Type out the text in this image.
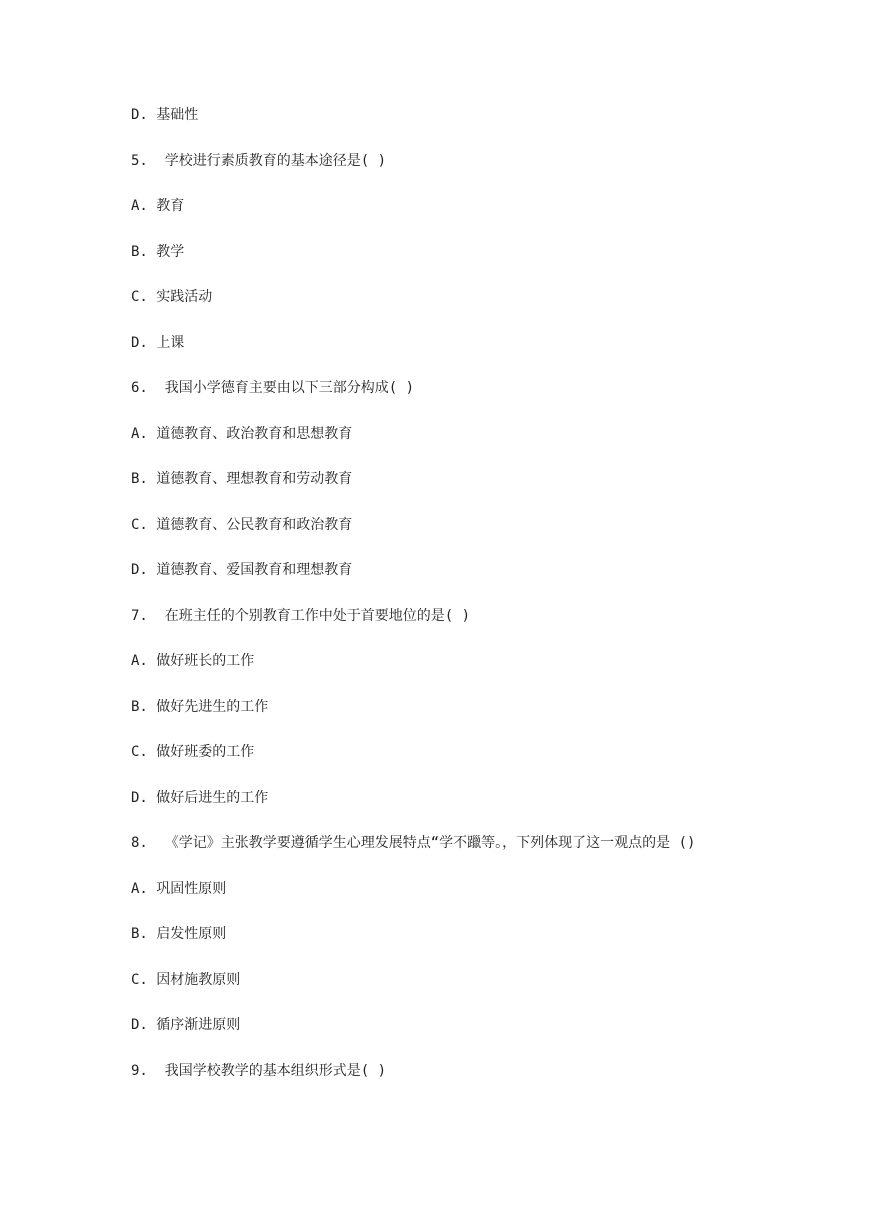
D. 基础性
5.  学校进行素质教育的基本途径是( )
A. 教育
B. 教学
C. 实践活动
D. 上课
6.  我国小学德育主要由以下三部分构成( )
A. 道德教育、政治教育和思想教育
B. 道德教育、理想教育和劳动教育
C. 道德教育、公民教育和政治教育
D. 道德教育、爱国教育和理想教育
7.  在班主任的个别教育工作中处于首要地位的是( )
A. 做好班长的工作
B. 做好先进生的工作
C. 做好班委的工作
D. 做好后进生的工作
8.  《学记》主张教学要遵循学生心理发展特点“学不躐等。，下列体现了这一观点的是 ()
A. 巩固性原则
B. 启发性原则
C. 因材施教原则
D. 循序渐进原则
9.  我国学校教学的基本组织形式是( )
